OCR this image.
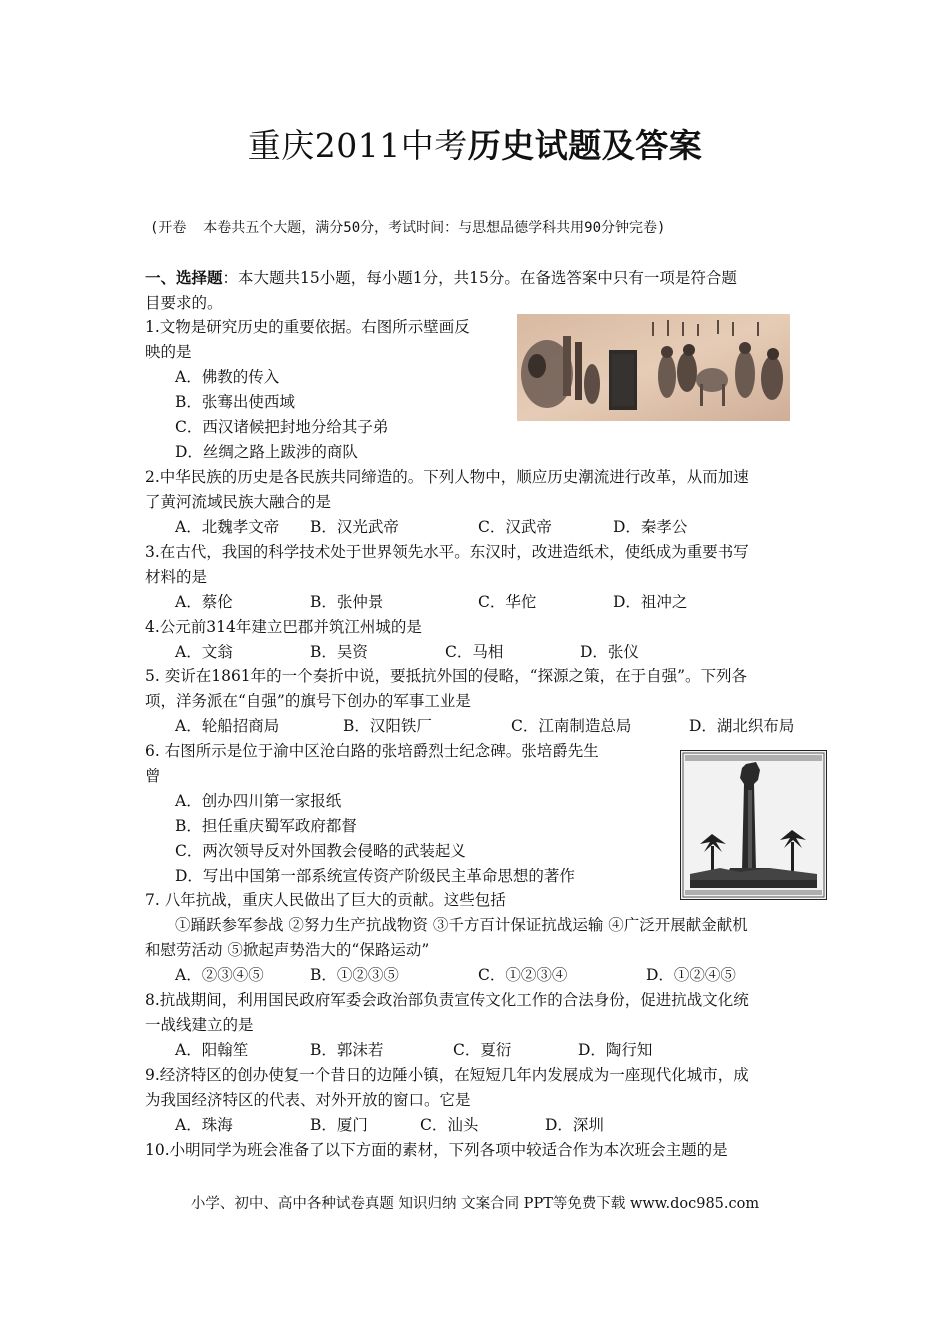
重庆2011中考历史试题及答案
(开卷  本卷共五个大题，满分50分，考试时间：与思想品德学科共用90分钟完卷)
一、选择题：本大题共15小题，每小题1分，共15分。在备选答案中只有一项是符合题
目要求的。
1.文物是研究历史的重要依据。右图所示壁画反
映的是
A．佛教的传入
B．张骞出使西域
C．西汉诸候把封地分给其子弟
D．丝绸之路上跋涉的商队
2.中华民族的历史是各民族共同缔造的。下列人物中，顺应历史潮流进行改革，从而加速
了黄河流域民族大融合的是
A．北魏孝文帝	B．汉光武帝	C．汉武帝	D．秦孝公
3.在古代，我国的科学技术处于世界领先水平。东汉时，改进造纸术，使纸成为重要书写
材料的是
A．蔡伦	B．张仲景	C．华佗	D．祖冲之
4.公元前314年建立巴郡并筑江州城的是
A．文翁	B．吴资	C．马相	D．张仪
5. 奕䜣在1861年的一个奏折中说，要抵抗外国的侵略，“探源之策，在于自强”。下列各
项，洋务派在“自强”的旗号下创办的军事工业是
A．轮船招商局	B．汉阳铁厂	C．江南制造总局	D．湖北织布局
6. 右图所示是位于渝中区沧白路的张培爵烈士纪念碑。张培爵先生
曾
A．创办四川第一家报纸
B．担任重庆蜀军政府都督
C．两次领导反对外国教会侵略的武装起义
D．写出中国第一部系统宣传资产阶级民主革命思想的著作
7. 八年抗战，重庆人民做出了巨大的贡献。这些包括
①踊跃参军参战 ②努力生产抗战物资 ③千方百计保证抗战运输 ④广泛开展献金献机
和慰劳活动 ⑤掀起声势浩大的“保路运动”
A．②③④⑤	B．①②③⑤	C．①②③④	D．①②④⑤
8.抗战期间，利用国民政府军委会政治部负责宣传文化工作的合法身份，促进抗战文化统
一战线建立的是
A．阳翰笙	B．郭沫若	C．夏衍	D．陶行知
9.经济特区的创办使复一个昔日的边陲小镇，在短短几年内发展成为一座现代化城市，成
为我国经济特区的代表、对外开放的窗口。它是
A．珠海	B．厦门	C．汕头	D．深圳
10.小明同学为班会准备了以下方面的素材，下列各项中较适合作为本次班会主题的是
小学、初中、高中各种试卷真题 知识归纳 文案合同 PPT等免费下载 www.doc985.com
